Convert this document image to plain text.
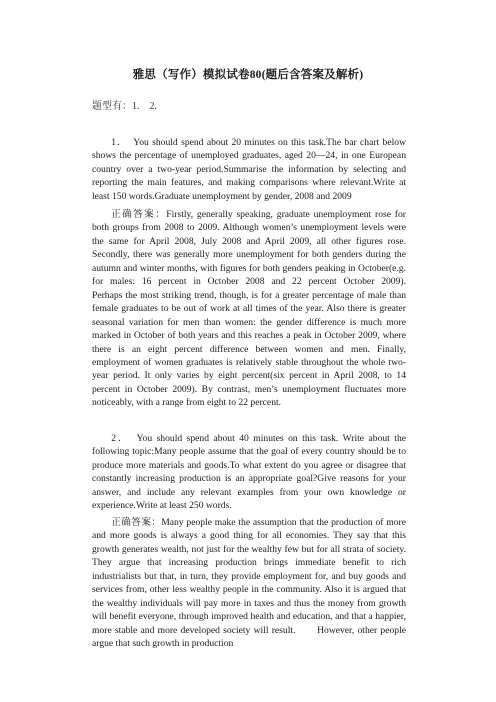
雅思（写作）模拟试卷80(题后含答案及解析)
题型有：1.　2.

1．　 You should spend about 20 minutes on this task.The bar chart below shows the percentage of unemployed graduates, aged 20—24, in one European country over a two-year period.Summarise the information by selecting and reporting the main features, and making comparisons where relevant.Write at least 150 words.Graduate unemployment by gender, 2008 and 2009

正确答案：Firstly, generally speaking, graduate unemployment rose for both groups from 2008 to 2009. Although women’s unemployment levels were the same for April 2008, July 2008 and April 2009, all other figures rose. Secondly, there was generally more unemployment for both genders during the autumn and winter months, with figures for both genders peaking in October(e.g. for males: 16 percent in October 2008 and 22 percent October 2009).　　Perhaps the most striking trend, though, is for a greater percentage of male than female graduates to be out of work at all times of the year. Also there is greater seasonal variation for men than women: the gender difference is much more marked in October of both years and this reaches a peak in October 2009, where there is an eight percent difference between women and men. Finally, employment of women graduates is relatively stable throughout the whole two-year period. It only varies by eight percent(six percent in April 2008, to 14 percent in October 2009). By contrast, men’s unemployment fluctuates more noticeably, with a range from eight to 22 percent.

2．　 You should spend about 40 minutes on this task. Write about the following topic:Many people assume that the goal of every country should be to produce more materials and goods.To what extent do you agree or disagree that constantly increasing production is an appropriate goal?Give reasons for your answer, and include any relevant examples from your own knowledge or experience.Write at least 250 words.

正确答案：Many people make the assumption that the production of more and more goods is always a good thing for all economies. They say that this growth generates wealth, not just for the wealthy few but for all strata of society. They argue that increasing production brings immediate benefit to rich industrialists but that, in turn, they provide employment for, and buy goods and services from, other less wealthy people in the community. Also it is argued that the wealthy individuals will pay more in taxes and thus the money from growth will benefit everyone, through improved health and education, and that a happier, more stable and more developed society will result.　　However, other people argue that such growth in production
